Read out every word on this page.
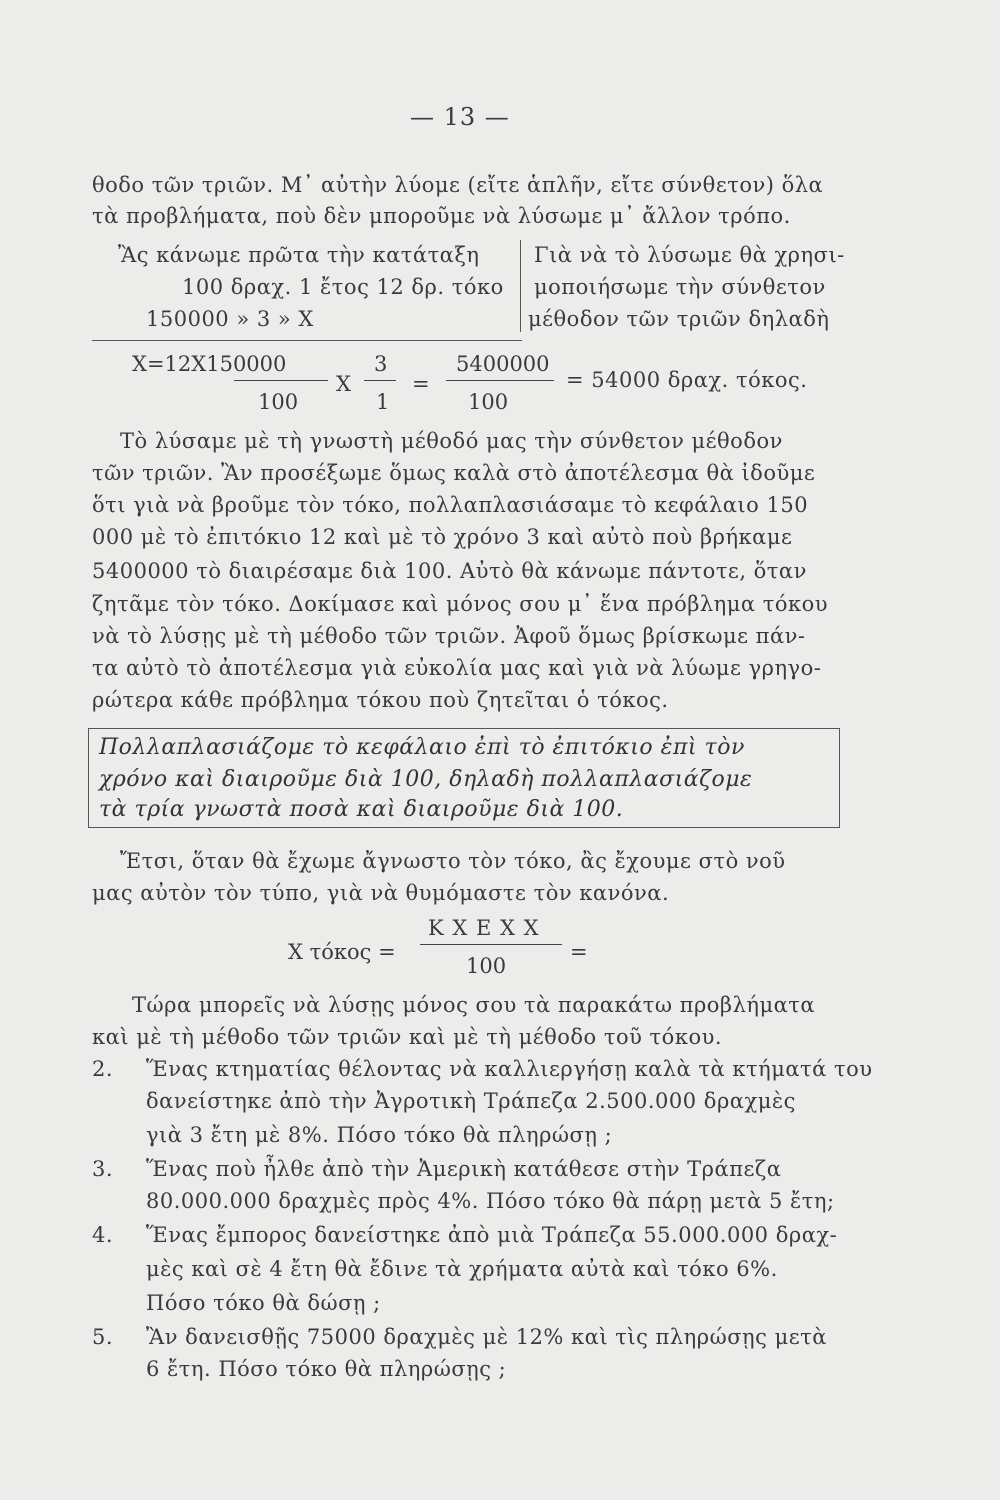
— 13 —
θοδο τῶν τριῶν. Μ᾿ αὐτὴν λύομε (εἴτε ἁπλῆν, εἴτε σύνθετον) ὅλα
τὰ προβλήματα, ποὺ δὲν μποροῦμε νὰ λύσωμε μ᾿ ἄλλον τρόπο.
Ἂς κάνωμε πρῶτα τὴν κατάταξη
100 δραχ. 1 ἔτος 12 δρ. τόκο
150000 » 3 » X
Γιὰ νὰ τὸ λύσωμε θὰ χρησι-
μοποιήσωμε τὴν σύνθετον
μέθοδον τῶν τριῶν δηλαδὴ
X=12X150000
100
X
3
1
=
5400000
100
= 54000 δραχ. τόκος.
Τὸ λύσαμε μὲ τὴ γνωστὴ μέθοδό μας τὴν σύνθετον μέθοδον
τῶν τριῶν. Ἂν προσέξωμε ὅμως καλὰ στὸ ἀποτέλεσμα θὰ ἰδοῦμε
ὅτι γιὰ νὰ βροῦμε τὸν τόκο, πολλαπλασιάσαμε τὸ κεφάλαιο 150
000 μὲ τὸ ἐπιτόκιο 12 καὶ μὲ τὸ χρόνο 3 καὶ αὐτὸ ποὺ βρήκαμε
5400000 τὸ διαιρέσαμε διὰ 100. Αὐτὸ θὰ κάνωμε πάντοτε, ὅταν
ζητᾶμε τὸν τόκο. Δοκίμασε καὶ μόνος σου μ᾿ ἕνα πρόβλημα τόκου
νὰ τὸ λύσῃς μὲ τὴ μέθοδο τῶν τριῶν. Ἀφοῦ ὅμως βρίσκωμε πάν-
τα αὐτὸ τὸ ἀποτέλεσμα γιὰ εὐκολία μας καὶ γιὰ νὰ λύωμε γρηγο-
ρώτερα κάθε πρόβλημα τόκου ποὺ ζητεῖται ὁ τόκος.
Πολλαπλασιάζομε τὸ κεφάλαιο ἐπὶ τὸ ἐπιτόκιο ἐπὶ τὸν
χρόνο καὶ διαιροῦμε διὰ 100, δηλαδὴ πολλαπλασιάζομε
τὰ τρία γνωστὰ ποσὰ καὶ διαιροῦμε διὰ 100.
Ἔτσι, ὅταν θὰ ἔχωμε ἄγνωστο τὸν τόκο, ἂς ἔχουμε στὸ νοῦ
μας αὐτὸν τὸν τύπο, γιὰ νὰ θυμόμαστε τὸν κανόνα.
X τόκος =
K X E X X
100
=
Τώρα μπορεῖς νὰ λύσῃς μόνος σου τὰ παρακάτω προβλήματα
καὶ μὲ τὴ μέθοδο τῶν τριῶν καὶ μὲ τὴ μέθοδο τοῦ τόκου.
2. Ἕνας κτηματίας θέλοντας νὰ καλλιεργήσῃ καλὰ τὰ κτήματά του
δανείστηκε ἀπὸ τὴν Ἀγροτικὴ Τράπεζα 2.500.000 δραχμὲς
γιὰ 3 ἔτη μὲ 8%. Πόσο τόκο θὰ πληρώσῃ ;
3. Ἕνας ποὺ ἦλθε ἀπὸ τὴν Ἀμερικὴ κατάθεσε στὴν Τράπεζα
80.000.000 δραχμὲς πρὸς 4%. Πόσο τόκο θὰ πάρῃ μετὰ 5 ἔτη;
4. Ἕνας ἔμπορος δανείστηκε ἀπὸ μιὰ Τράπεζα 55.000.000 δραχ-
μὲς καὶ σὲ 4 ἔτη θὰ ἔδινε τὰ χρήματα αὐτὰ καὶ τόκο 6%.
Πόσο τόκο θὰ δώσῃ ;
5. Ἂν δανεισθῇς 75000 δραχμὲς μὲ 12% καὶ τὶς πληρώσῃς μετὰ
6 ἔτη. Πόσο τόκο θὰ πληρώσῃς ;
